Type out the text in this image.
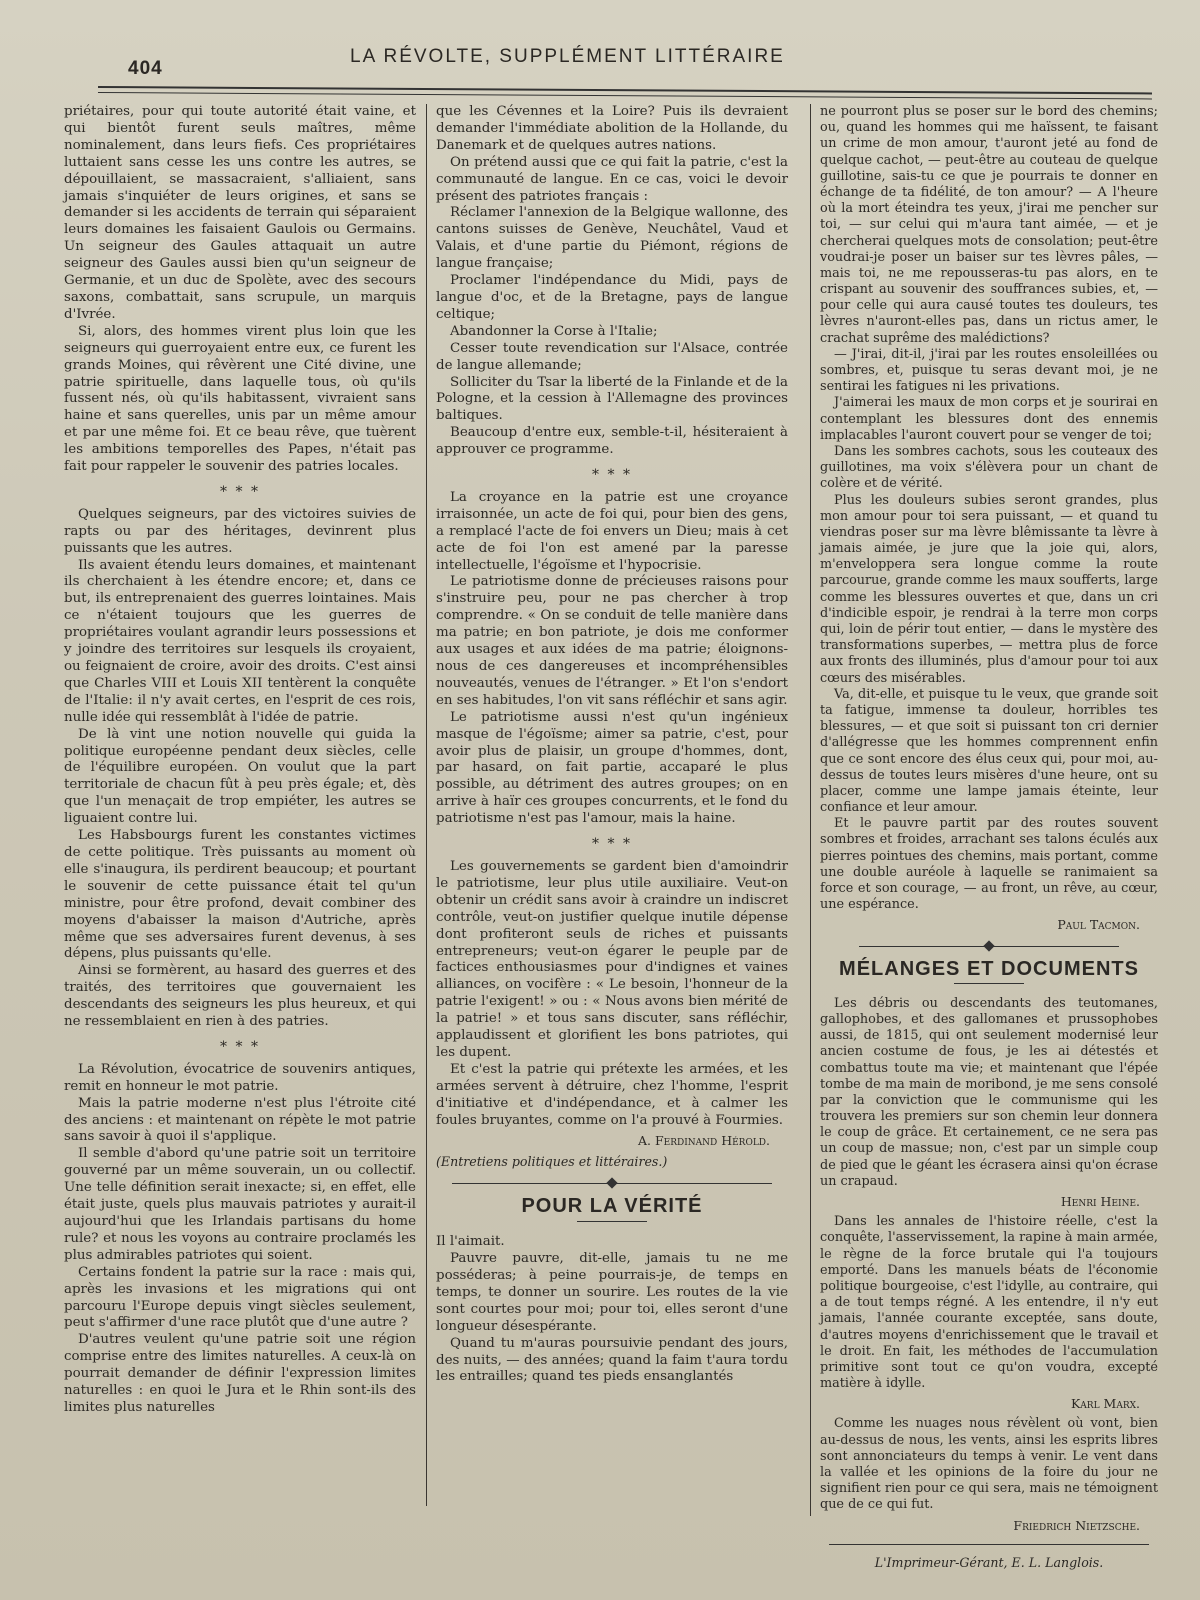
404
LA RÉVOLTE, SUPPLÉMENT LITTÉRAIRE

priétaires, pour qui toute autorité était vaine, et qui bientôt furent seuls maîtres, même nominalement, dans leurs fiefs. Ces propriétaires luttaient sans cesse les uns contre les autres, se dépouillaient, se massacraient, s'alliaient, sans jamais s'inquiéter de leurs origines, et sans se demander si les accidents de terrain qui séparaient leurs domaines les faisaient Gaulois ou Germains. Un seigneur des Gaules attaquait un autre seigneur des Gaules aussi bien qu'un seigneur de Germanie, et un duc de Spolète, avec des secours saxons, combattait, sans scrupule, un marquis d'Ivrée.

Si, alors, des hommes virent plus loin que les seigneurs qui guerroyaient entre eux, ce furent les grands Moines, qui rêvèrent une Cité divine, une patrie spirituelle, dans laquelle tous, où qu'ils fussent nés, où qu'ils habitassent, vivraient sans haine et sans querelles, unis par un même amour et par une même foi. Et ce beau rêve, que tuèrent les ambitions temporelles des Papes, n'était pas fait pour rappeler le souvenir des patries locales.

* * *

Quelques seigneurs, par des victoires suivies de rapts ou par des héritages, devinrent plus puissants que les autres.

Ils avaient étendu leurs domaines, et maintenant ils cherchaient à les étendre encore; et, dans ce but, ils entreprenaient des guerres lointaines. Mais ce n'étaient toujours que les guerres de propriétaires voulant agrandir leurs possessions et y joindre des territoires sur lesquels ils croyaient, ou feignaient de croire, avoir des droits. C'est ainsi que Charles VIII et Louis XII tentèrent la conquête de l'Italie: il n'y avait certes, en l'esprit de ces rois, nulle idée qui ressemblât à l'idée de patrie.

De là vint une notion nouvelle qui guida la politique européenne pendant deux siècles, celle de l'équilibre européen. On voulut que la part territoriale de chacun fût à peu près égale; et, dès que l'un menaçait de trop empiéter, les autres se liguaient contre lui.

Les Habsbourgs furent les constantes victimes de cette politique. Très puissants au moment où elle s'inaugura, ils perdirent beaucoup; et pourtant le souvenir de cette puissance était tel qu'un ministre, pour être profond, devait combiner des moyens d'abaisser la maison d'Autriche, après même que ses adversaires furent devenus, à ses dépens, plus puissants qu'elle.

Ainsi se formèrent, au hasard des guerres et des traités, des territoires que gouvernaient les descendants des seigneurs les plus heureux, et qui ne ressemblaient en rien à des patries.

* * *

La Révolution, évocatrice de souvenirs antiques, remit en honneur le mot patrie.

Mais la patrie moderne n'est plus l'étroite cité des anciens : et maintenant on répète le mot patrie sans savoir à quoi il s'applique.

Il semble d'abord qu'une patrie soit un territoire gouverné par un même souverain, un ou collectif. Une telle définition serait inexacte; si, en effet, elle était juste, quels plus mauvais patriotes y aurait-il aujourd'hui que les Irlandais partisans du home rule? et nous les voyons au contraire proclamés les plus admirables patriotes qui soient.

Certains fondent la patrie sur la race : mais qui, après les invasions et les migrations qui ont parcouru l'Europe depuis vingt siècles seulement, peut s'affirmer d'une race plutôt que d'une autre ?

D'autres veulent qu'une patrie soit une région comprise entre des limites naturelles. A ceux-là on pourrait demander de définir l'expression limites naturelles : en quoi le Jura et le Rhin sont-ils des limites plus naturelles

que les Cévennes et la Loire? Puis ils devraient demander l'immédiate abolition de la Hollande, du Danemark et de quelques autres nations.

On prétend aussi que ce qui fait la patrie, c'est la communauté de langue. En ce cas, voici le devoir présent des patriotes français :

Réclamer l'annexion de la Belgique wallonne, des cantons suisses de Genève, Neuchâtel, Vaud et Valais, et d'une partie du Piémont, régions de langue française;

Proclamer l'indépendance du Midi, pays de langue d'oc, et de la Bretagne, pays de langue celtique;

Abandonner la Corse à l'Italie;

Cesser toute revendication sur l'Alsace, contrée de langue allemande;

Solliciter du Tsar la liberté de la Finlande et de la Pologne, et la cession à l'Allemagne des provinces baltiques.

Beaucoup d'entre eux, semble-t-il, hésiteraient à approuver ce programme.

* * *

La croyance en la patrie est une croyance irraisonnée, un acte de foi qui, pour bien des gens, a remplacé l'acte de foi envers un Dieu; mais à cet acte de foi l'on est amené par la paresse intellectuelle, l'égoïsme et l'hypocrisie.

Le patriotisme donne de précieuses raisons pour s'instruire peu, pour ne pas chercher à trop comprendre. « On se conduit de telle manière dans ma patrie; en bon patriote, je dois me conformer aux usages et aux idées de ma patrie; éloignons-nous de ces dangereuses et incompréhensibles nouveautés, venues de l'étranger. » Et l'on s'endort en ses habitudes, l'on vit sans réfléchir et sans agir.

Le patriotisme aussi n'est qu'un ingénieux masque de l'égoïsme; aimer sa patrie, c'est, pour avoir plus de plaisir, un groupe d'hommes, dont, par hasard, on fait partie, accaparé le plus possible, au détriment des autres groupes; on en arrive à haïr ces groupes concurrents, et le fond du patriotisme n'est pas l'amour, mais la haine.

* * *

Les gouvernements se gardent bien d'amoindrir le patriotisme, leur plus utile auxiliaire. Veut-on obtenir un crédit sans avoir à craindre un indiscret contrôle, veut-on justifier quelque inutile dépense dont profiteront seuls de riches et puissants entrepreneurs; veut-on égarer le peuple par de factices enthousiasmes pour d'indignes et vaines alliances, on vocifère : « Le besoin, l'honneur de la patrie l'exigent! » ou : « Nous avons bien mérité de la patrie! » et tous sans discuter, sans réfléchir, applaudissent et glorifient les bons patriotes, qui les dupent.

Et c'est la patrie qui prétexte les armées, et les armées servent à détruire, chez l'homme, l'esprit d'initiative et d'indépendance, et à calmer les foules bruyantes, comme on l'a prouvé à Fourmies.

A. Ferdinand Hérold.

(Entretiens politiques et littéraires.)

POUR LA VÉRITÉ

Il l'aimait.

Pauvre pauvre, dit-elle, jamais tu ne me posséderas; à peine pourrais-je, de temps en temps, te donner un sourire. Les routes de la vie sont courtes pour moi; pour toi, elles seront d'une longueur désespérante.

Quand tu m'auras poursuivie pendant des jours, des nuits, — des années; quand la faim t'aura tordu les entrailles; quand tes pieds ensanglantés

ne pourront plus se poser sur le bord des chemins; ou, quand les hommes qui me haïssent, te faisant un crime de mon amour, t'auront jeté au fond de quelque cachot, — peut-être au couteau de quelque guillotine, sais-tu ce que je pourrais te donner en échange de ta fidélité, de ton amour? — A l'heure où la mort éteindra tes yeux, j'irai me pencher sur toi, — sur celui qui m'aura tant aimée, — et je chercherai quelques mots de consolation; peut-être voudrai-je poser un baiser sur tes lèvres pâles, — mais toi, ne me repousseras-tu pas alors, en te crispant au souvenir des souffrances subies, et, — pour celle qui aura causé toutes tes douleurs, tes lèvres n'auront-elles pas, dans un rictus amer, le crachat suprême des malédictions?

— J'irai, dit-il, j'irai par les routes ensoleillées ou sombres, et, puisque tu seras devant moi, je ne sentirai les fatigues ni les privations.

J'aimerai les maux de mon corps et je sourirai en contemplant les blessures dont des ennemis implacables l'auront couvert pour se venger de toi;

Dans les sombres cachots, sous les couteaux des guillotines, ma voix s'élèvera pour un chant de colère et de vérité.

Plus les douleurs subies seront grandes, plus mon amour pour toi sera puissant, — et quand tu viendras poser sur ma lèvre blêmissante ta lèvre à jamais aimée, je jure que la joie qui, alors, m'enveloppera sera longue comme la route parcourue, grande comme les maux soufferts, large comme les blessures ouvertes et que, dans un cri d'indicible espoir, je rendrai à la terre mon corps qui, loin de périr tout entier, — dans le mystère des transformations superbes, — mettra plus de force aux fronts des illuminés, plus d'amour pour toi aux cœurs des misérables.

Va, dit-elle, et puisque tu le veux, que grande soit ta fatigue, immense ta douleur, horribles tes blessures, — et que soit si puissant ton cri dernier d'allégresse que les hommes comprennent enfin que ce sont encore des élus ceux qui, pour moi, au-dessus de toutes leurs misères d'une heure, ont su placer, comme une lampe jamais éteinte, leur confiance et leur amour.

Et le pauvre partit par des routes souvent sombres et froides, arrachant ses talons éculés aux pierres pointues des chemins, mais portant, comme une double auréole à laquelle se ranimaient sa force et son courage, — au front, un rêve, au cœur, une espérance.

Paul Tacmon.
MÉLANGES ET DOCUMENTS

Les débris ou descendants des teutomanes, gallophobes, et des gallomanes et prussophobes aussi, de 1815, qui ont seulement modernisé leur ancien costume de fous, je les ai détestés et combattus toute ma vie; et maintenant que l'épée tombe de ma main de moribond, je me sens consolé par la conviction que le communisme qui les trouvera les premiers sur son chemin leur donnera le coup de grâce. Et certainement, ce ne sera pas un coup de massue; non, c'est par un simple coup de pied que le géant les écrasera ainsi qu'on écrase un crapaud.

Henri Heine.

Dans les annales de l'histoire réelle, c'est la conquête, l'asservissement, la rapine à main armée, le règne de la force brutale qui l'a toujours emporté. Dans les manuels béats de l'économie politique bourgeoise, c'est l'idylle, au contraire, qui a de tout temps régné. A les entendre, il n'y eut jamais, l'année courante exceptée, sans doute, d'autres moyens d'enrichissement que le travail et le droit. En fait, les méthodes de l'accumulation primitive sont tout ce qu'on voudra, excepté matière à idylle.

Karl Marx.

Comme les nuages nous révèlent où vont, bien au-dessus de nous, les vents, ainsi les esprits libres sont annonciateurs du temps à venir. Le vent dans la vallée et les opinions de la foire du jour ne signifient rien pour ce qui sera, mais ne témoignent que de ce qui fut.

Friedrich Nietzsche.
L'Imprimeur-Gérant, E. L. Langlois.
